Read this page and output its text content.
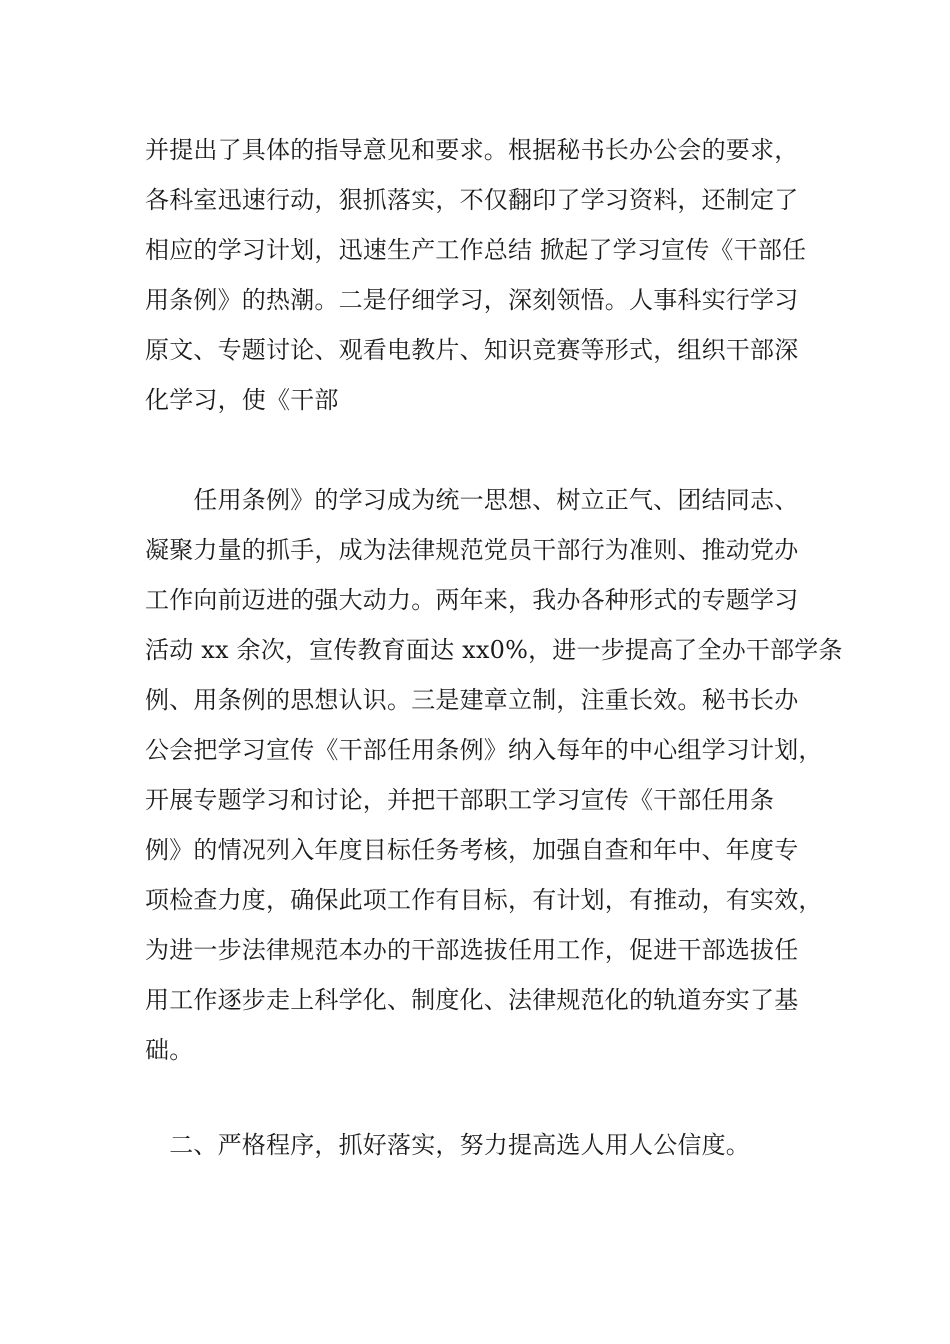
并提出了具体的指导意见和要求。根据秘书长办公会的要求，
各科室迅速行动，狠抓落实，不仅翻印了学习资料，还制定了
相应的学习计划，迅速生产工作总结 掀起了学习宣传《干部任
用条例》的热潮。二是仔细学习，深刻领悟。人事科实行学习
原文、专题讨论、观看电教片、知识竞赛等形式，组织干部深
化学习，使《干部
　　任用条例》的学习成为统一思想、树立正气、团结同志、
凝聚力量的抓手，成为法律规范党员干部行为准则、推动党办
工作向前迈进的强大动力。两年来，我办各种形式的专题学习
活动 xx 余次，宣传教育面达 xx0%，进一步提高了全办干部学条
例、用条例的思想认识。三是建章立制，注重长效。秘书长办
公会把学习宣传《干部任用条例》纳入每年的中心组学习计划，
开展专题学习和讨论，并把干部职工学习宣传《干部任用条
例》的情况列入年度目标任务考核，加强自查和年中、年度专
项检查力度，确保此项工作有目标，有计划，有推动，有实效，
为进一步法律规范本办的干部选拔任用工作，促进干部选拔任
用工作逐步走上科学化、制度化、法律规范化的轨道夯实了基
础。
　二、严格程序，抓好落实，努力提高选人用人公信度。
